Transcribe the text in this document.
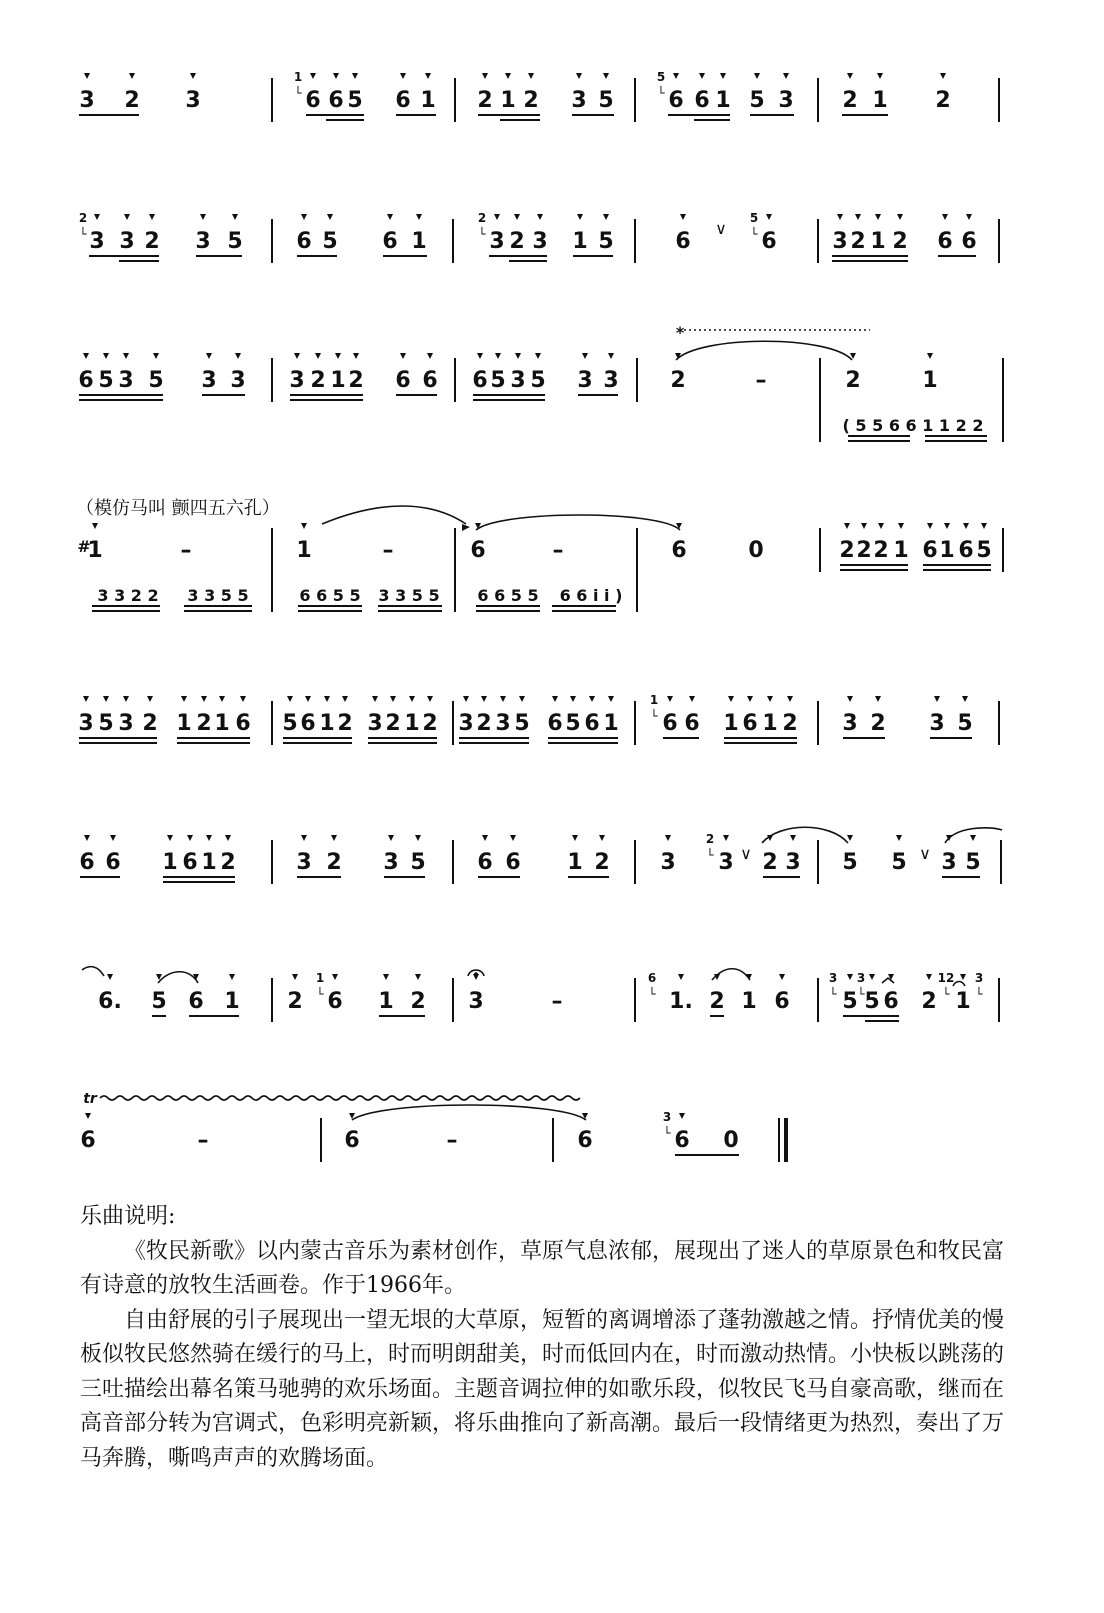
3 2 3	6 6 5 6 1 2 1 2 3 5 6 6 1 5 3 2 1 2
1
└
5
└
3 3 2 3 5 6 5 6 1	3 2 3 1 5	6	6	3 2 1 2 6 6
2
└
2
└
5
└
6 5 3 5 3 3 3 2 1 2 6 6 6 5 3 5 3 3 2	–	2	1
1	–	1	–	6	–	6	0	2 2 2 1 6 1 6 5
3 5 3 2 1 2 1 6 5 6 1 2 3 2 1 2 3 2 3 5 6 5 6 1 6 6 1 6 1 2 3 2 3 5
1
└
6 6 1 6 1 2	3 2 3 5 6 6 1 2 3 3 2 3 5 5 3 5
2
└
6. 5 6 1 2 6 1 2 3	–	1. 2 1 6 5 5 6 2 1
6
└
3
└
3
└
1
└
12
└
3
└
6	–	6	–	6	6 0
3
└
( 5 5 6 6 1 1 2 2
3 3 2 2 3 3 5 5	6 6 5 5 3 3 5 5 6 6 5 5 6 6 i i )
#
∨
∨	∨
tr
*
（模仿马叫 颤四五六孔）

乐曲说明:

《牧民新歌》以内蒙古音乐为素材创作，草原气息浓郁，展现出了迷人的草原景色和牧民富有诗意的放牧生活画卷。作于1966年。

自由舒展的引子展现出一望无垠的大草原，短暂的离调增添了蓬勃激越之情。抒情优美的慢板似牧民悠然骑在缓行的马上，时而明朗甜美，时而低回内在，时而激动热情。小快板以跳荡的三吐描绘出幕名策马驰骋的欢乐场面。主题音调拉伸的如歌乐段，似牧民飞马自豪高歌，继而在高音部分转为宫调式，色彩明亮新颖，将乐曲推向了新高潮。最后一段情绪更为热烈，奏出了万马奔腾，嘶鸣声声的欢腾场面。
